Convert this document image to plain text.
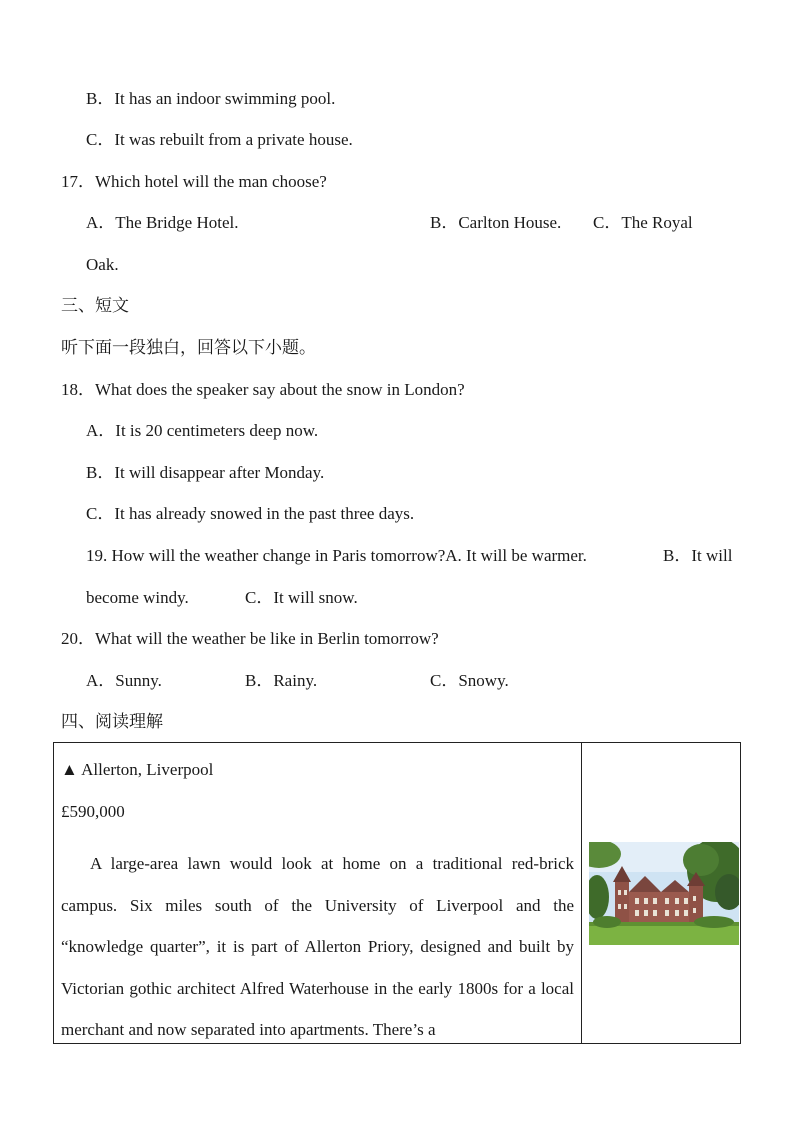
B．It has an indoor swimming pool.
C．It was rebuilt from a private house.
17．Which hotel will the man choose?
A．The Bridge Hotel.	B．Carlton House. C．The Royal
Oak.
三、短文
听下面一段独白，回答以下小题。
18．What does the speaker say about the snow in London?
A．It is 20 centimeters deep now.
B．It will disappear after Monday.
C．It has already snowed in the past three days.
19. How will the weather change in Paris tomorrow?A. It will be warmer.	B．It will
become windy.	C．It will snow.
20．What will the weather be like in Berlin tomorrow?
A．Sunny.	B．Rainy.	C．Snowy.
四、阅读理解
▲ Allerton, Liverpool
£590,000
A large-area lawn would look at home on a traditional red-brick campus. Six miles south of the University of Liverpool and the “knowledge quarter”, it is part of Allerton Priory, designed and built by Victorian gothic architect Alfred Waterhouse in the early 1800s for a local merchant and now separated into apartments. There’s a
